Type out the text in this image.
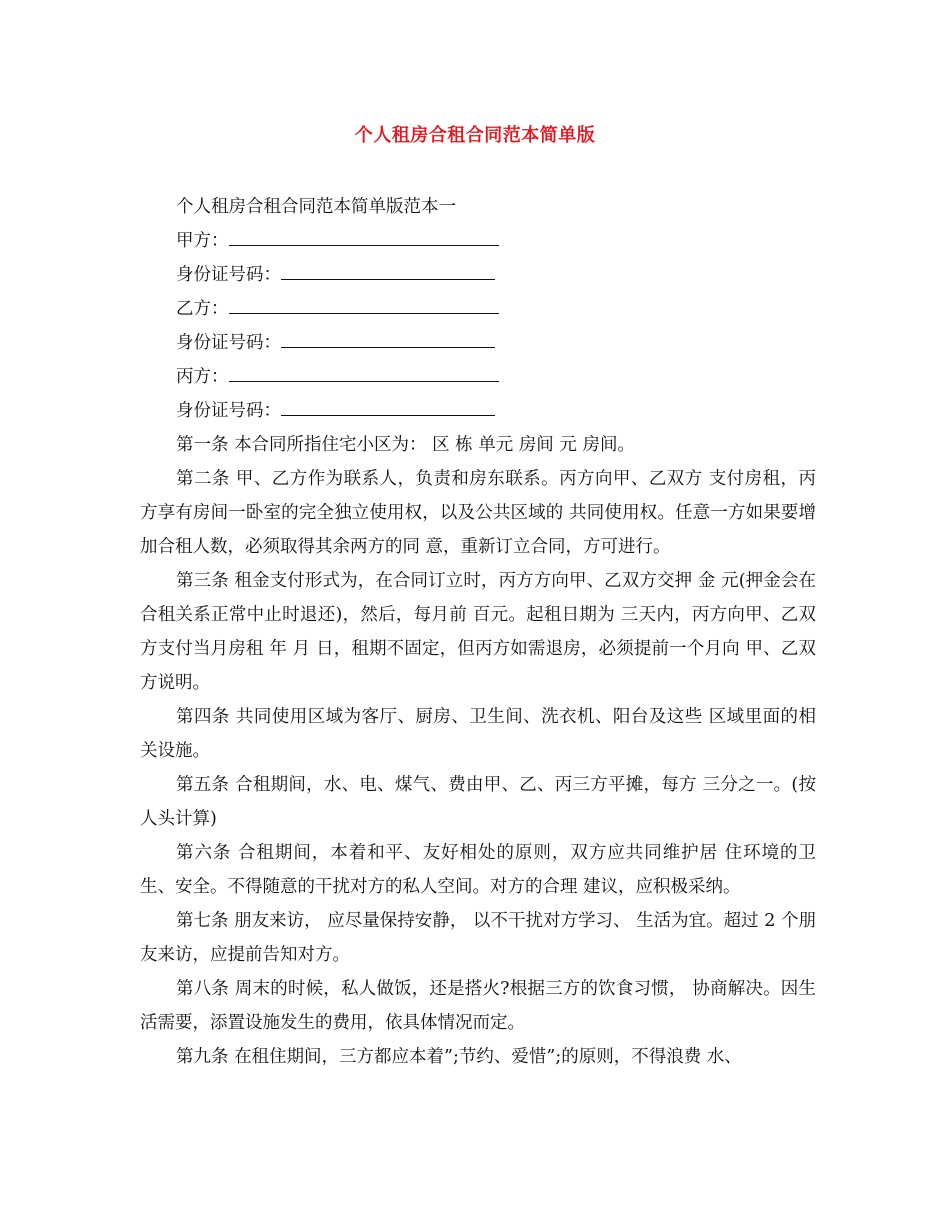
个人租房合租合同范本简单版

个人租房合租合同范本简单版范本一

甲方：

身份证号码：

乙方：

身份证号码：

丙方：

身份证号码：

第一条 本合同所指住宅小区为： 区 栋 单元 房间 元 房间。

第二条 甲、乙方作为联系人，负责和房东联系。丙方向甲、乙双方 支付房租，丙方享有房间一卧室的完全独立使用权，以及公共区域的 共同使用权。任意一方如果要增加合租人数，必须取得其余两方的同 意，重新订立合同，方可进行。

第三条 租金支付形式为，在合同订立时，丙方方向甲、乙双方交押 金 元(押金会在合租关系正常中止时退还)，然后，每月前 百元。起租日期为 三天内，丙方向甲、乙双方支付当月房租 年 月 日，租期不固定，但丙方如需退房，必须提前一个月向 甲、乙双方说明。

第四条 共同使用区域为客厅、厨房、卫生间、洗衣机、阳台及这些 区域里面的相关设施。

第五条 合租期间，水、电、煤气、费由甲、乙、丙三方平摊，每方 三分之一。(按人头计算)

第六条 合租期间，本着和平、友好相处的原则，双方应共同维护居 住环境的卫生、安全。不得随意的干扰对方的私人空间。对方的合理 建议，应积极采纳。

第七条 朋友来访， 应尽量保持安静， 以不干扰对方学习、 生活为宜。超过 2 个朋友来访，应提前告知对方。

第八条 周末的时候，私人做饭，还是搭火?根据三方的饮食习惯， 协商解决。因生活需要，添置设施发生的费用，依具体情况而定。

第九条 在租住期间，三方都应本着”;节约、爱惜”;的原则，不得浪费 水、
